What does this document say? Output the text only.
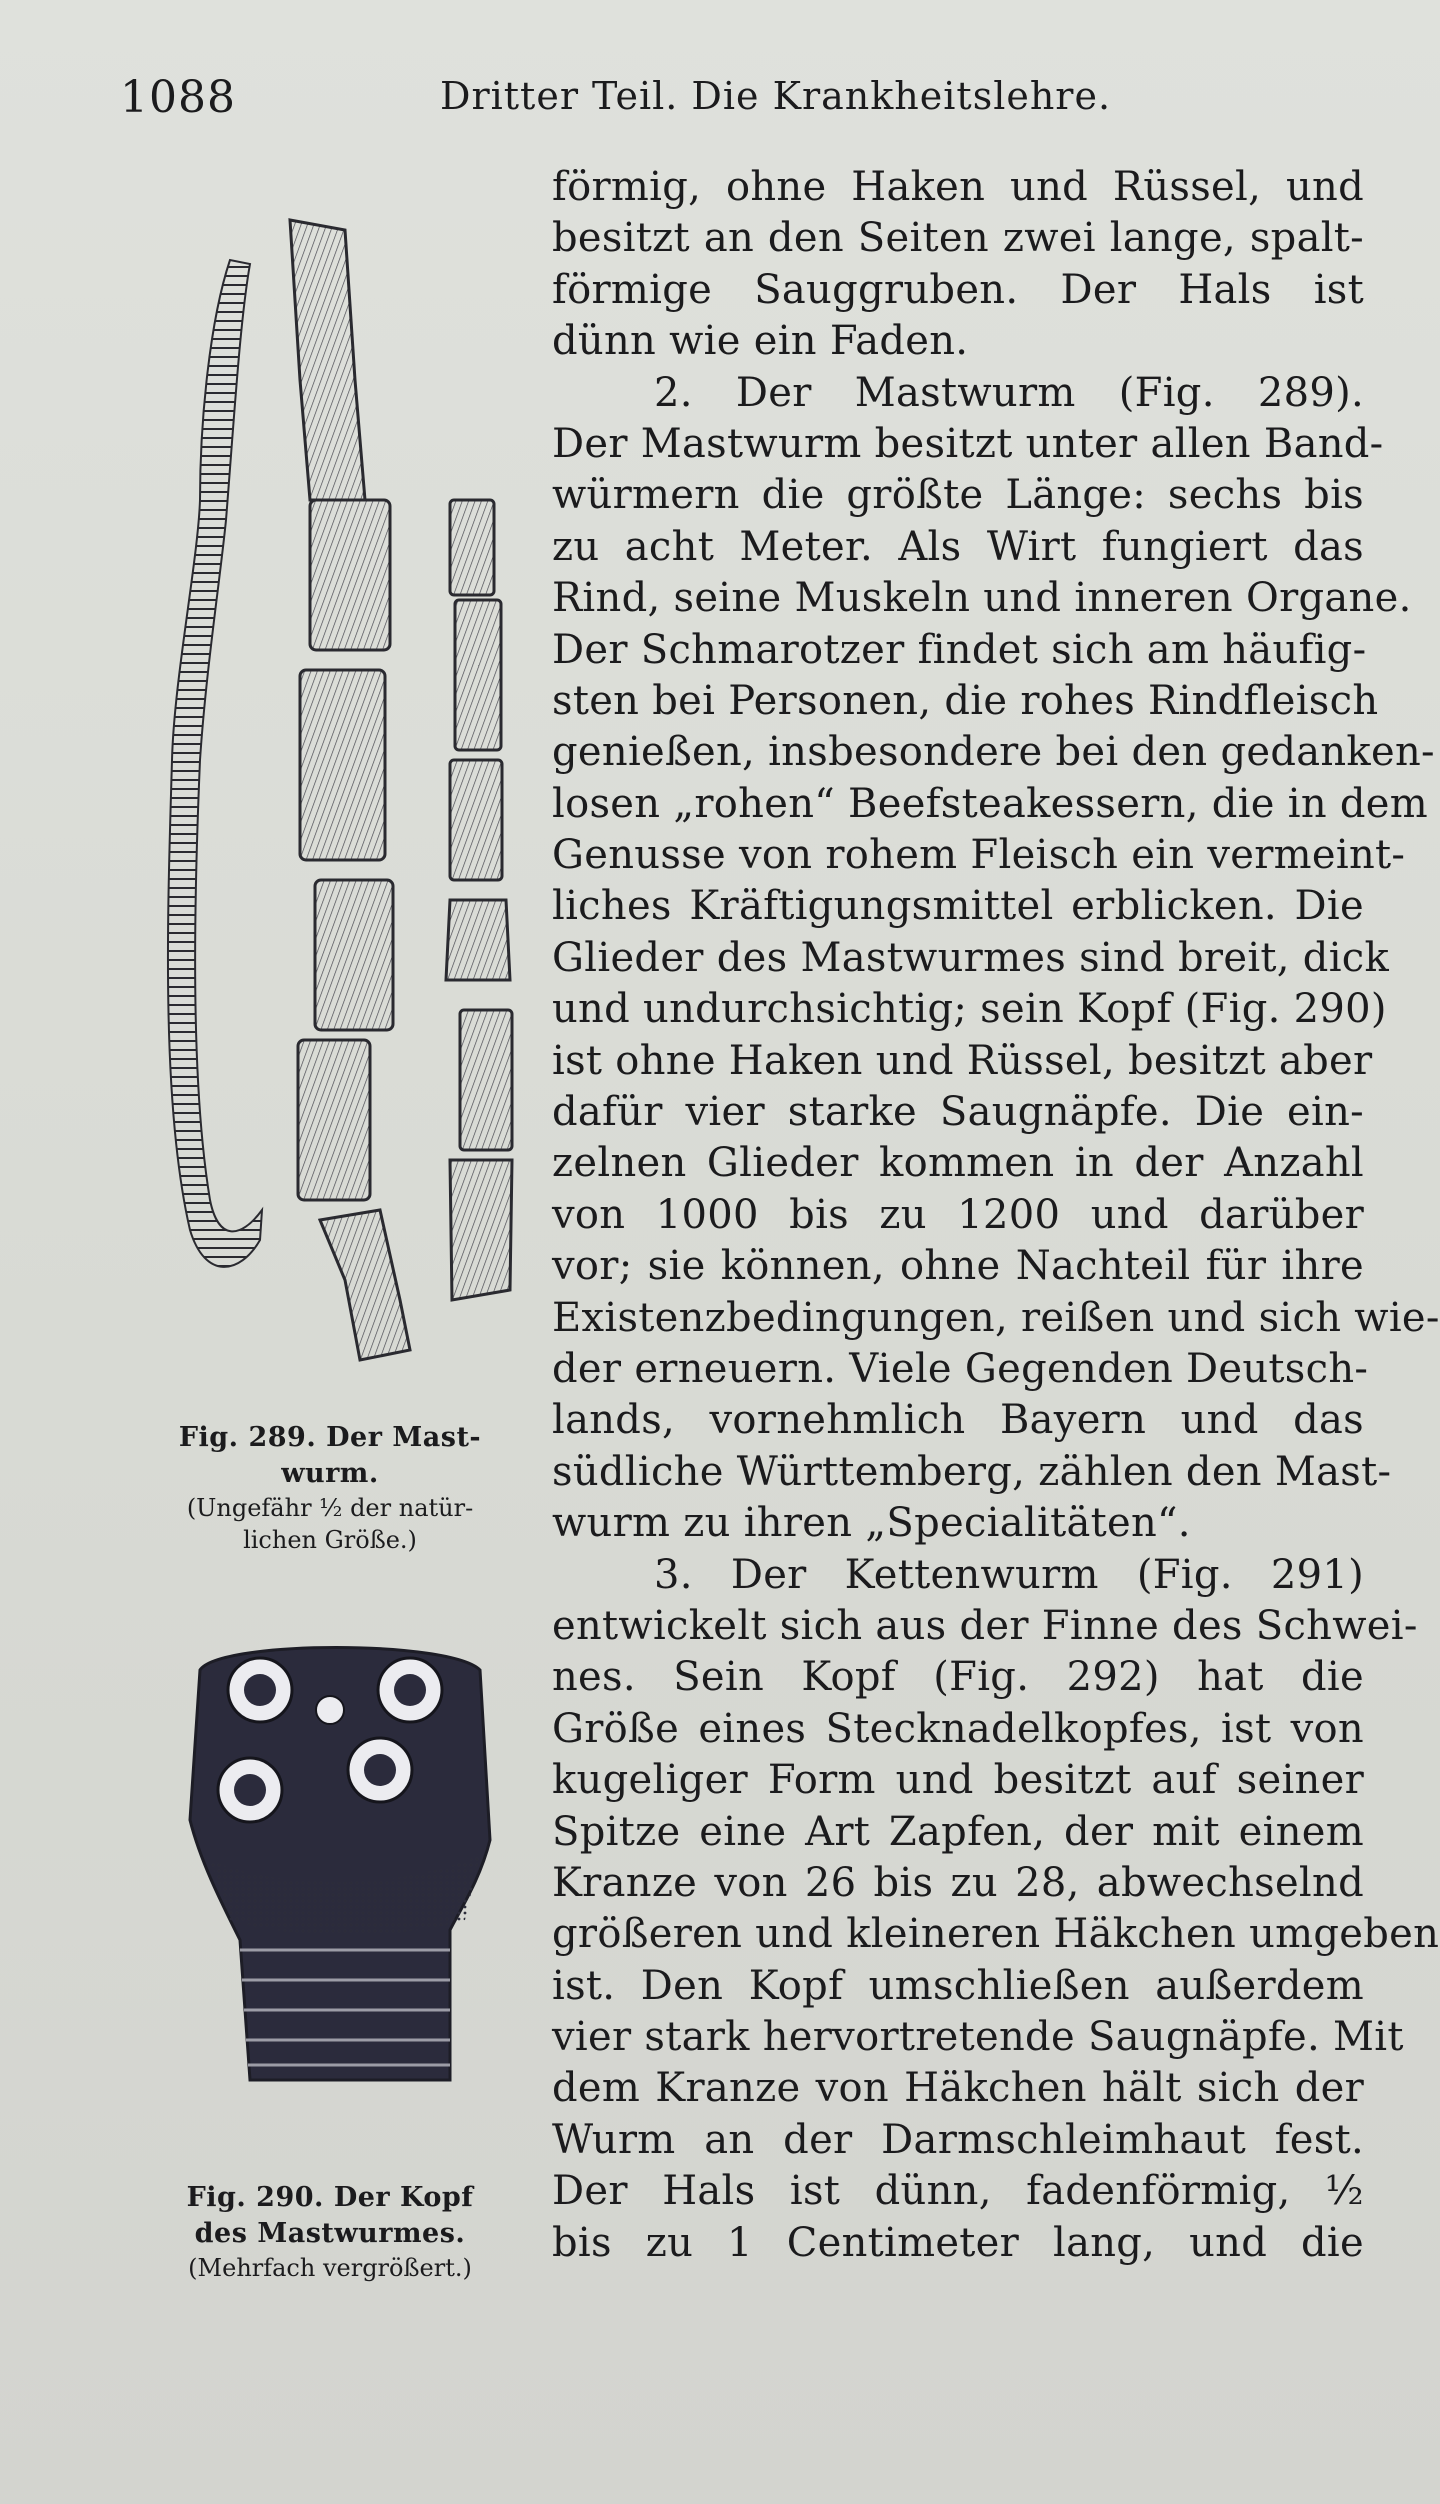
1088	Dritter Teil. Die Krankheitslehre.
Fig. 289. Der Mast-
wurm.
(Ungefähr ½ der natür-
lichen Größe.)
Fig. 290. Der Kopf
des Mastwurmes.
(Mehrfach vergrößert.)
förmig, ohne Haken und Rüssel, und
besitzt an den Seiten zwei lange, spalt-
förmige Sauggruben. Der Hals ist
dünn wie ein Faden.
2. Der Mastwurm (Fig. 289).
Der Mastwurm besitzt unter allen Band-
würmern die größte Länge: sechs bis
zu acht Meter. Als Wirt fungiert das
Rind, seine Muskeln und inneren Organe.
Der Schmarotzer findet sich am häufig-
sten bei Personen, die rohes Rindfleisch
genießen, insbesondere bei den gedanken-
losen „rohen“ Beefsteakessern, die in dem
Genusse von rohem Fleisch ein vermeint-
liches Kräftigungsmittel erblicken. Die
Glieder des Mastwurmes sind breit, dick
und undurchsichtig; sein Kopf (Fig. 290)
ist ohne Haken und Rüssel, besitzt aber
dafür vier starke Saugnäpfe. Die ein-
zelnen Glieder kommen in der Anzahl
von 1000 bis zu 1200 und darüber
vor; sie können, ohne Nachteil für ihre
Existenzbedingungen, reißen und sich wie-
der erneuern. Viele Gegenden Deutsch-
lands, vornehmlich Bayern und das
südliche Württemberg, zählen den Mast-
wurm zu ihren „Specialitäten“.
3. Der Kettenwurm (Fig. 291)
entwickelt sich aus der Finne des Schwei-
nes. Sein Kopf (Fig. 292) hat die
Größe eines Stecknadelkopfes, ist von
kugeliger Form und besitzt auf seiner
Spitze eine Art Zapfen, der mit einem
Kranze von 26 bis zu 28, abwechselnd
größeren und kleineren Häkchen umgeben
ist. Den Kopf umschließen außerdem
vier stark hervortretende Saugnäpfe. Mit
dem Kranze von Häkchen hält sich der
Wurm an der Darmschleimhaut fest.
Der Hals ist dünn, fadenförmig, ½
bis zu 1 Centimeter lang, und die
